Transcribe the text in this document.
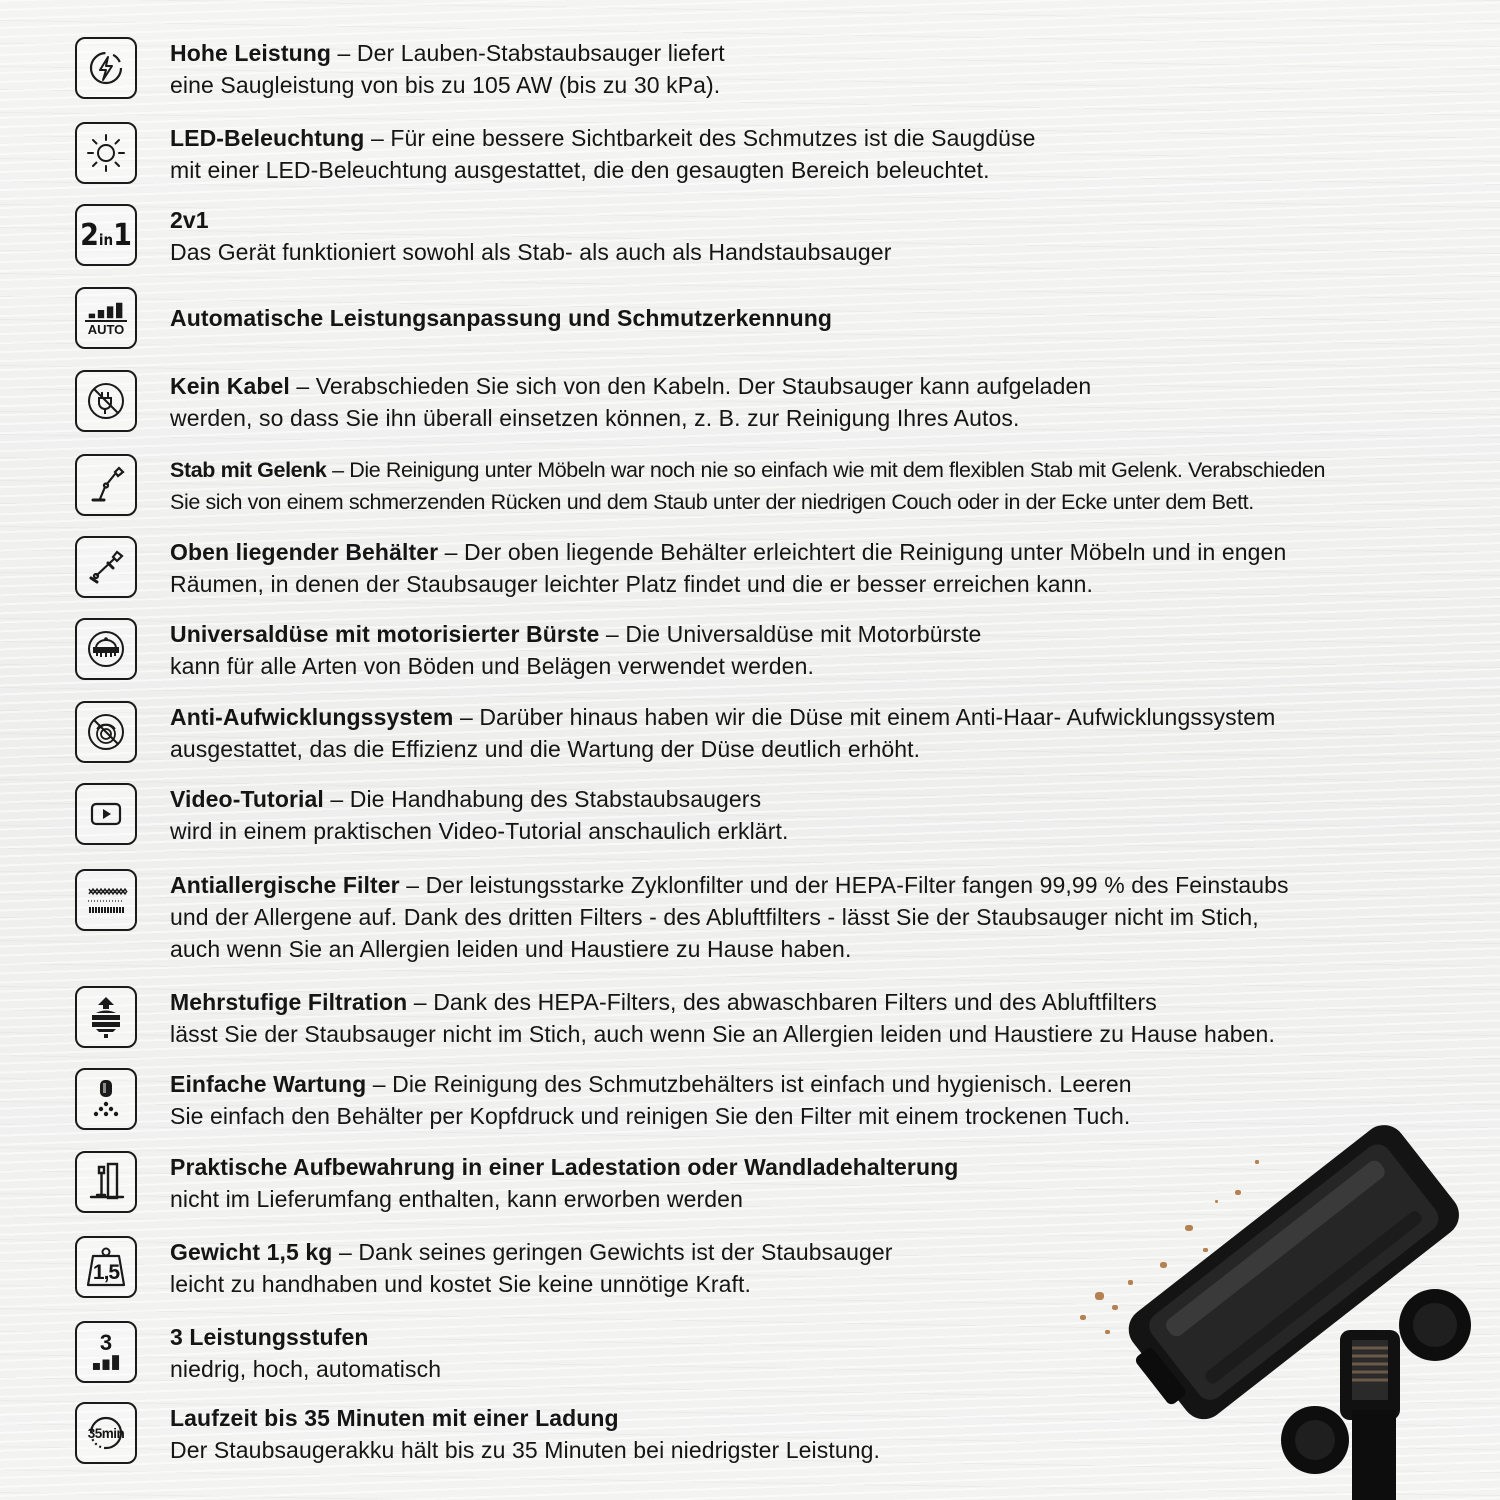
Hohe Leistung – Der Lauben-Stabstaubsauger liefert
eine Saugleistung von bis zu 105 AW (bis zu 30 kPa).
LED-Beleuchtung – Für eine bessere Sichtbarkeit des Schmutzes ist die Saugdüse
mit einer LED-Beleuchtung ausgestattet, die den gesaugten Bereich beleuchtet.
2 in 1 2v1
Das Gerät funktioniert sowohl als Stab- als auch als Handstaubsauger
AUTO Automatische Leistungsanpassung und Schmutzerkennung
Kein Kabel – Verabschieden Sie sich von den Kabeln. Der Staubsauger kann aufgeladen
werden, so dass Sie ihn überall einsetzen können, z. B. zur Reinigung Ihres Autos.
Stab mit Gelenk – Die Reinigung unter Möbeln war noch nie so einfach wie mit dem flexiblen Stab mit Gelenk. Verabschieden
Sie sich von einem schmerzenden Rücken und dem Staub unter der niedrigen Couch oder in der Ecke unter dem Bett.
Oben liegender Behälter – Der oben liegende Behälter erleichtert die Reinigung unter Möbeln und in engen
Räumen, in denen der Staubsauger leichter Platz findet und die er besser erreichen kann.
Universaldüse mit motorisierter Bürste – Die Universaldüse mit Motorbürste
kann für alle Arten von Böden und Belägen verwendet werden.
Anti-Aufwicklungssystem – Darüber hinaus haben wir die Düse mit einem Anti-Haar- Aufwicklungssystem
ausgestattet, das die Effizienz und die Wartung der Düse deutlich erhöht.
Video-Tutorial – Die Handhabung des Stabstaubsaugers
wird in einem praktischen Video-Tutorial anschaulich erklärt.
Antiallergische Filter – Der leistungsstarke Zyklonfilter und der HEPA-Filter fangen 99,99 % des Feinstaubs
und der Allergene auf. Dank des dritten Filters - des Abluftfilters - lässt Sie der Staubsauger nicht im Stich,
auch wenn Sie an Allergien leiden und Haustiere zu Hause haben.
Mehrstufige Filtration – Dank des HEPA-Filters, des abwaschbaren Filters und des Abluftfilters
lässt Sie der Staubsauger nicht im Stich, auch wenn Sie an Allergien leiden und Haustiere zu Hause haben.
Einfache Wartung – Die Reinigung des Schmutzbehälters ist einfach und hygienisch. Leeren
Sie einfach den Behälter per Kopfdruck und reinigen Sie den Filter mit einem trockenen Tuch.
Praktische Aufbewahrung in einer Ladestation oder Wandladehalterung
nicht im Lieferumfang enthalten, kann erworben werden
1,5
Gewicht 1,5 kg – Dank seines geringen Gewichts ist der Staubsauger
leicht zu handhaben und kostet Sie keine unnötige Kraft.
3	3 Leistungsstufen
niedrig, hoch, automatisch
35min
Laufzeit bis 35 Minuten mit einer Ladung
Der Staubsaugerakku hält bis zu 35 Minuten bei niedrigster Leistung.
